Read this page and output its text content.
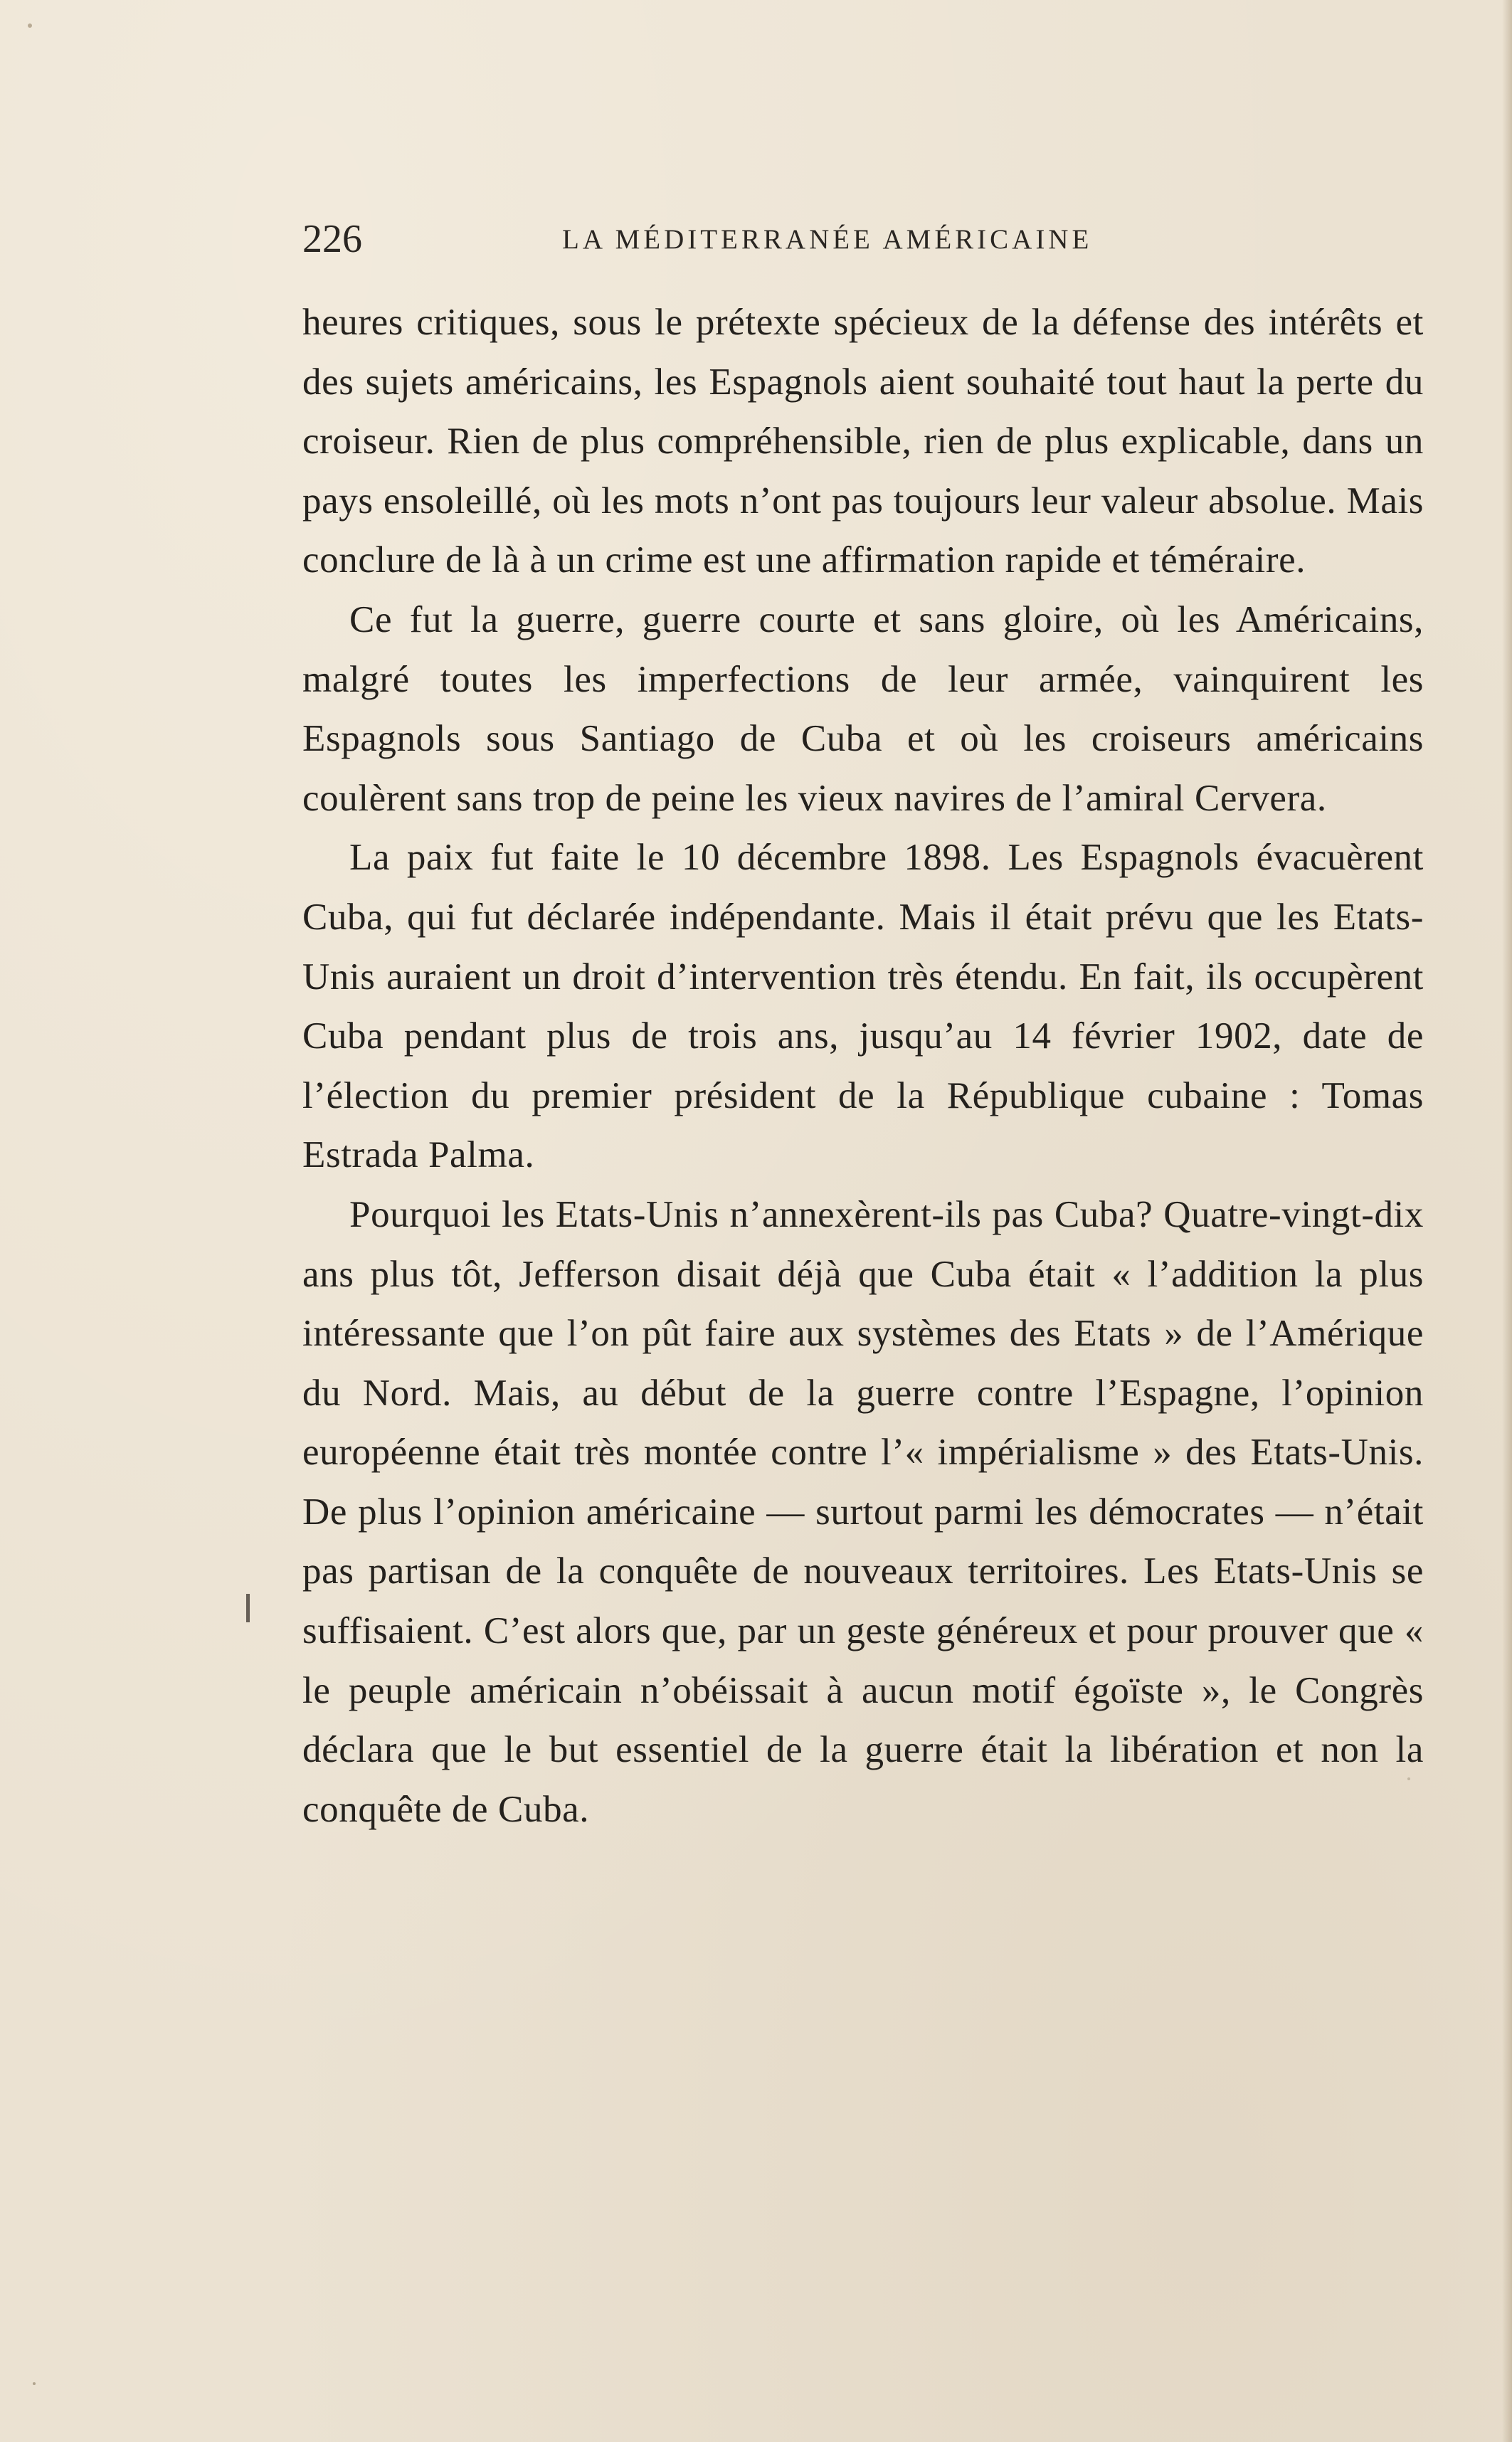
226	LA MÉDITERRANÉE AMÉRICAINE

heures critiques, sous le prétexte spécieux de la défense des intérêts et des sujets américains, les Espagnols aient souhaité tout haut la perte du croiseur. Rien de plus compréhensible, rien de plus explicable, dans un pays ensoleillé, où les mots n’ont pas toujours leur valeur absolue. Mais conclure de là à un crime est une affirmation rapide et téméraire.

Ce fut la guerre, guerre courte et sans gloire, où les Américains, malgré toutes les imperfections de leur armée, vainquirent les Espagnols sous Santiago de Cuba et où les croiseurs américains coulèrent sans trop de peine les vieux navires de l’amiral Cervera.

La paix fut faite le 10 décembre 1898. Les Espagnols évacuèrent Cuba, qui fut déclarée indépendante. Mais il était prévu que les Etats-Unis auraient un droit d’intervention très étendu. En fait, ils occupèrent Cuba pendant plus de trois ans, jusqu’au 14 février 1902, date de l’élection du premier président de la République cubaine : Tomas Estrada Palma.

Pourquoi les Etats-Unis n’annexèrent-ils pas Cuba? Quatre-vingt-dix ans plus tôt, Jefferson disait déjà que Cuba était « l’addition la plus intéressante que l’on pût faire aux systèmes des Etats » de l’Amérique du Nord. Mais, au début de la guerre contre l’Espagne, l’opinion européenne était très montée contre l’« impérialisme » des Etats-Unis. De plus l’opinion américaine — surtout parmi les démocrates — n’était pas partisan de la conquête de nouveaux territoires. Les Etats-Unis se suffisaient. C’est alors que, par un geste généreux et pour prouver que « le peuple américain n’obéissait à aucun motif égoïste », le Congrès déclara que le but essentiel de la guerre était la libération et non la conquête de Cuba.
